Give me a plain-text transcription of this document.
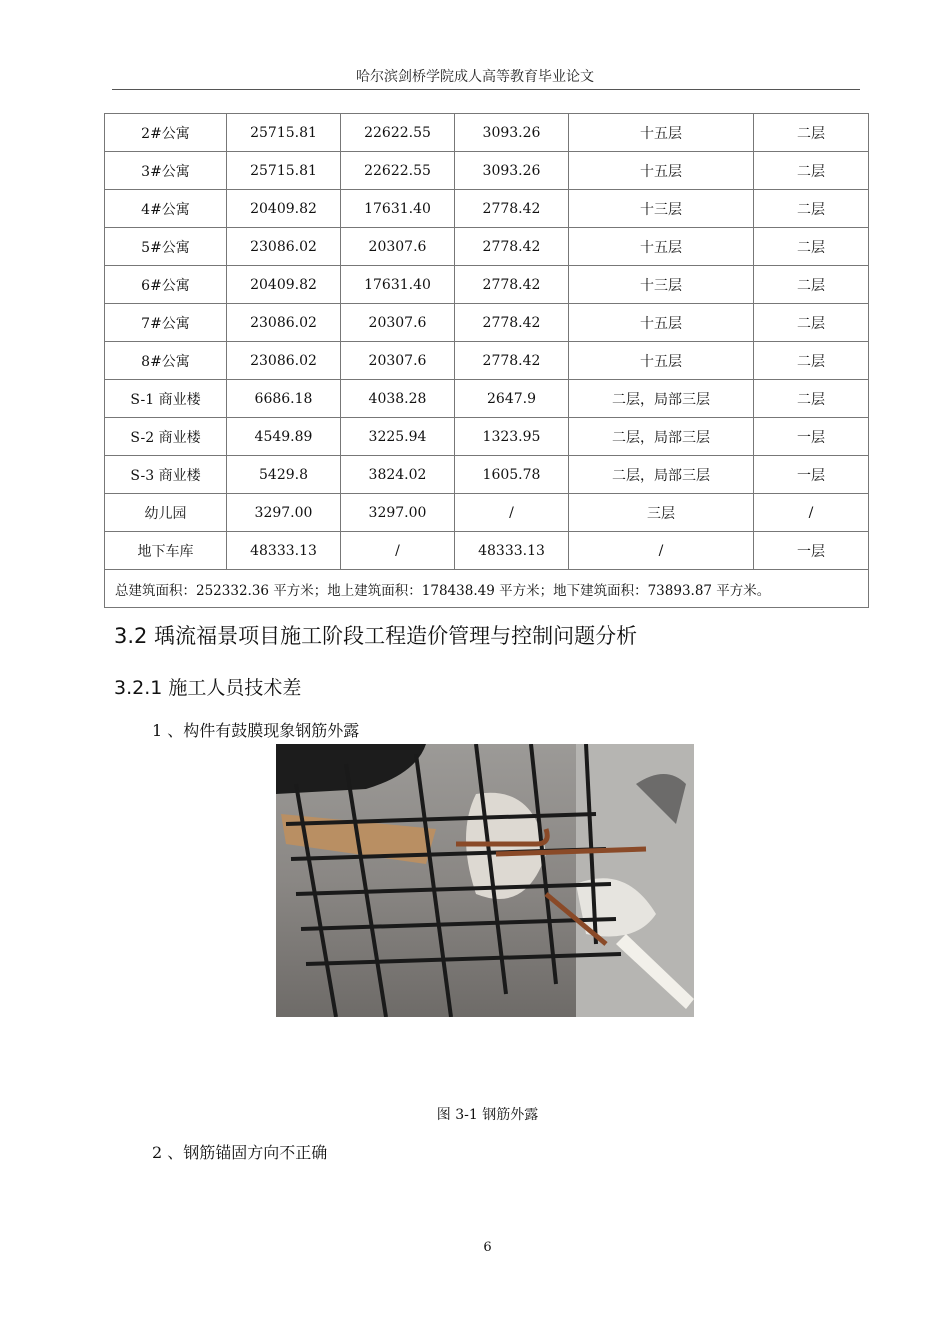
哈尔滨剑桥学院成人高等教育毕业论文
2#公寓	25715.81	22622.55	3093.26	十五层	二层
3#公寓	25715.81	22622.55	3093.26	十五层	二层
4#公寓	20409.82	17631.40	2778.42	十三层	二层
5#公寓	23086.02	20307.6	2778.42	十五层	二层
6#公寓	20409.82	17631.40	2778.42	十三层	二层
7#公寓	23086.02	20307.6	2778.42	十五层	二层
8#公寓	23086.02	20307.6	2778.42	十五层	二层
S-1 商业楼	6686.18	4038.28	2647.9	二层，局部三层	二层
S-2 商业楼	4549.89	3225.94	1323.95	二层，局部三层	一层
S-3 商业楼	5429.8	3824.02	1605.78	二层，局部三层	一层
幼儿园	3297.00	3297.00	/	三层	/
地下车库	48333.13	/	48333.13	/	一层
总建筑面积：252332.36 平方米；地上建筑面积：178438.49 平方米；地下建筑面积：73893.87 平方米。					
3.2 瑀流福景项目施工阶段工程造价管理与控制问题分析
3.2.1 施工人员技术差
1 、构件有鼓膜现象钢筋外露
图 3-1 钢筋外露
2 、钢筋锚固方向不正确
6
